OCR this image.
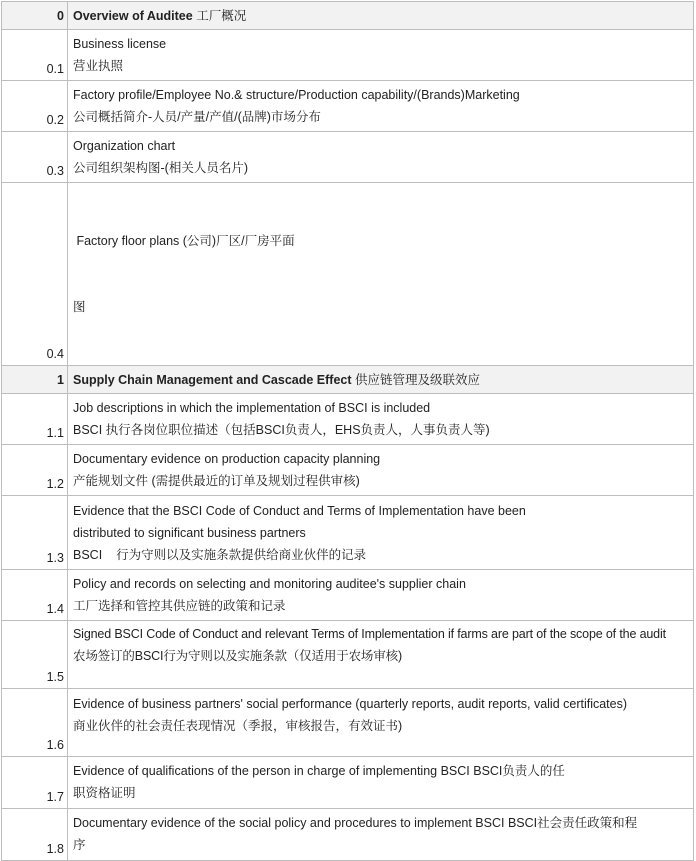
0	Overview of Auditee 工厂概况
0.1	Business license
营业执照

0.2	Factory profile/Employee No.& structure/Production capability/(Brands)Marketing
公司概括简介-人员/产量/产值/(品牌)市场分布

0.3	Organization chart
公司组织架构图-(相关人员名片)

0.4	Factory floor plans (公司)厂区/厂房平面

图

1	Supply Chain Management and Cascade Effect 供应链管理及级联效应
1.1	Job descriptions in which the implementation of BSCI is included
BSCI 执行各岗位职位描述（包括BSCI负责人，EHS负责人，人事负责人等)

1.2	Documentary evidence on production capacity planning
产能规划文件 (需提供最近的订单及规划过程供审核)

1.3	Evidence that the BSCI Code of Conduct and Terms of Implementation have been
distributed to significant business partners
BSCI    行为守则以及实施条款提供给商业伙伴的记录

1.4	Policy and records on selecting and monitoring auditee's supplier chain
工厂选择和管控其供应链的政策和记录

1.5	Signed BSCI Code of Conduct and relevant Terms of Implementation if farms are part of the scope of the audit
农场签订的BSCI行为守则以及实施条款（仅适用于农场审核)

1.6	Evidence of business partners' social performance (quarterly reports, audit reports, valid certificates)
商业伙伴的社会责任表现情况（季报，审核报告，有效证书)

1.7	Evidence of qualifications of the person in charge of implementing BSCI BSCI负责人的任
职资格证明

1.8	Documentary evidence of the social policy and procedures to implement BSCI BSCI社会责任政策和程
序
